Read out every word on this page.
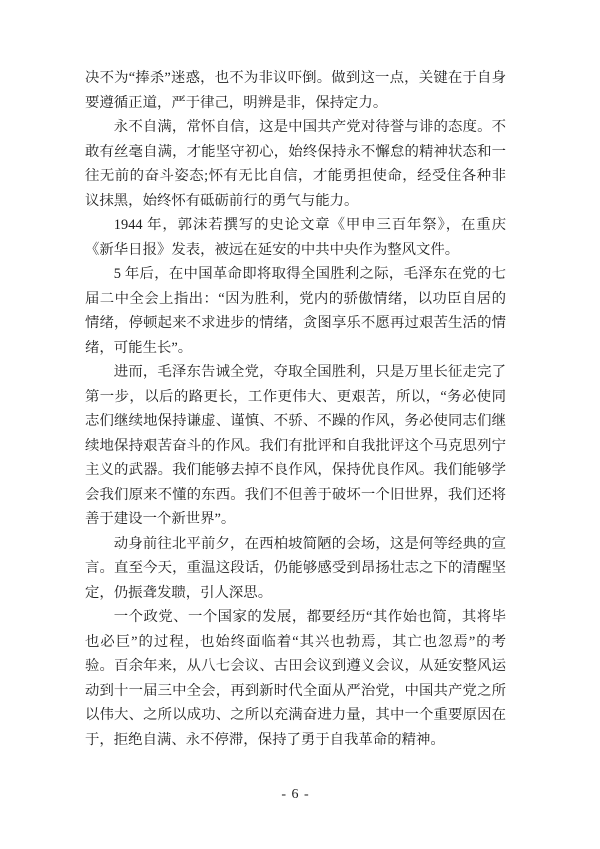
决不为“捧杀”迷惑，也不为非议吓倒。做到这一点，关键在于自身要遵循正道，严于律己，明辨是非，保持定力。

永不自满，常怀自信，这是中国共产党对待誉与诽的态度。不敢有丝毫自满，才能坚守初心，始终保持永不懈怠的精神状态和一往无前的奋斗姿态;怀有无比自信，才能勇担使命，经受住各种非议抹黑，始终怀有砥砺前行的勇气与能力。

1944 年，郭沫若撰写的史论文章《甲申三百年祭》，在重庆《新华日报》发表，被远在延安的中共中央作为整风文件。

5 年后，在中国革命即将取得全国胜利之际，毛泽东在党的七届二中全会上指出：“因为胜利，党内的骄傲情绪，以功臣自居的情绪，停顿起来不求进步的情绪，贪图享乐不愿再过艰苦生活的情绪，可能生长”。

进而，毛泽东告诫全党，夺取全国胜利，只是万里长征走完了第一步，以后的路更长，工作更伟大、更艰苦，所以，“务必使同志们继续地保持谦虚、谨慎、不骄、不躁的作风，务必使同志们继续地保持艰苦奋斗的作风。我们有批评和自我批评这个马克思列宁主义的武器。我们能够去掉不良作风，保持优良作风。我们能够学会我们原来不懂的东西。我们不但善于破坏一个旧世界，我们还将善于建设一个新世界”。

动身前往北平前夕，在西柏坡简陋的会场，这是何等经典的宣言。直至今天，重温这段话，仍能够感受到昂扬壮志之下的清醒坚定，仍振聋发聩，引人深思。

一个政党、一个国家的发展，都要经历“其作始也简，其将毕也必巨”的过程，也始终面临着“其兴也勃焉，其亡也忽焉”的考验。百余年来，从八七会议、古田会议到遵义会议，从延安整风运动到十一届三中全会，再到新时代全面从严治党，中国共产党之所以伟大、之所以成功、之所以充满奋进力量，其中一个重要原因在于，拒绝自满、永不停滞，保持了勇于自我革命的精神。

- 6 -
